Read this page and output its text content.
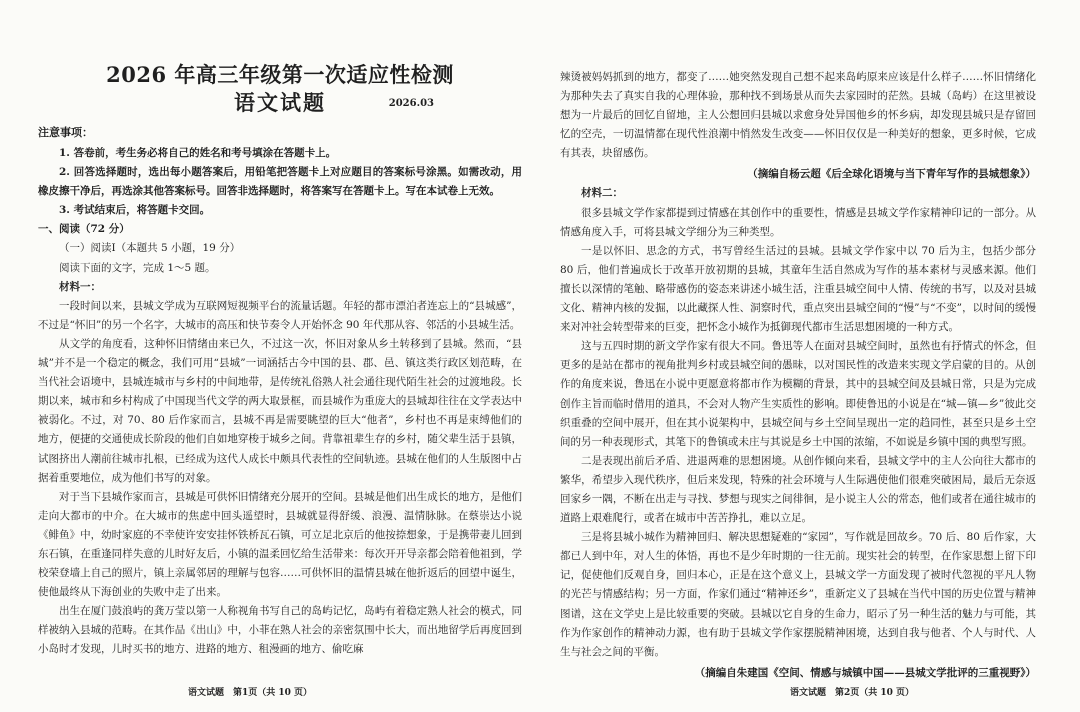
2026 年高三年级第一次适应性检测
语文试题	2026.03
注意事项：

1. 答卷前，考生务必将自己的姓名和考号填涂在答题卡上。

2. 回答选择题时，选出每小题答案后，用铅笔把答题卡上对应题目的答案标号涂黑。如需改动，用橡皮擦干净后，再选涂其他答案标号。回答非选择题时，将答案写在答题卡上。写在本试卷上无效。

3. 考试结束后，将答题卡交回。

一、阅读（72 分）

（一）阅读Ⅰ（本题共 5 小题，19 分）

阅读下面的文字，完成 1～5 题。

材料一：

一段时间以来，县城文学成为互联网短视频平台的流量话题。年轻的都市漂泊者连忘上的“县城感”，不过是“怀旧”的另一个名字，大城市的高压和快节奏令人开始怀念 90 年代那从容、邻活的小县城生活。

从文学的角度看，这种怀旧情绪由来已久，不过这一次，怀旧对象从乡土转移到了县城。然而，“县城”并不是一个稳定的概念，我们可用“县城”一词涵括古今中国的县、郡、邑、镇这类行政区划范畴，在当代社会语境中，县城连城市与乡村的中间地带，是传统礼俗熟人社会通往现代陌生社会的过渡地段。长期以来，城市和乡村构成了中国现当代文学的两大取景框，而县城作为重庞大的县城却往往在文学表达中被弱化。不过，对 70、80 后作家而言，县城不再是需要眺望的巨大“他者”，乡村也不再是束缚他们的地方，便捷的交通使成长阶段的他们自如地穿梭于城乡之间。背靠祖辈生存的乡村，随父辈生活于县镇，试图挤出人潮前往城市扎根，已经成为这代人成长中颇具代表性的空间轨迹。县城在他们的人生版图中占据着重要地位，成为他们书写的对象。

对于当下县城作家而言，县城是可供怀旧情绪充分展开的空间。县城是他们出生成长的地方，是他们走向大都市的中介。在大城市的焦虑中回头遥望时，县城就显得舒缓、浪漫、温情脉脉。在蔡崇达小说《鲱鱼》中，幼时家庭的不幸使许安安挂怀铁桥瓦石镇，可立足北京后的他按捺想象，于是携带妻儿回到东石镇，在重逢同样失意的儿时好友后，小镇的温柔回忆给生活带来：每次开开导亲都会陪着他祖到，学校荣登墙上自己的照片，镇上亲属邻居的理解与包容……可供怀旧的温情县城在他折返后的回望中诞生，使他最终从下海创业的失败中走了出来。

出生在厦门鼓浪屿的龚万莹以第一人称视角书写自己的岛屿记忆，岛屿有着稳定熟人社会的模式，同样被纳入县城的范畴。在其作品《出山》中，小菲在熟人社会的亲密氛围中长大，而出地留学后再度回到小岛时才发现，儿时买书的地方、进路的地方、租漫画的地方、偷吃麻

语文试题　第1页（共 10 页）

辣烫被妈妈抓到的地方，都变了……她突然发现自己想不起来岛屿原来应该是什么样子……怀旧情绪化为那种失去了真实自我的心理体验，那种找不到场景从而失去家园时的茫然。县城（岛屿）在这里被设想为一片最后的回忆自留地，主人公想回归县城以求愈身处异国他乡的怀乡病，却发现县城只是存留回忆的空壳，一切温情都在现代性浪潮中悄然发生改变——怀旧仅仅是一种美好的想象，更多时候，它成有其表，块留感伤。

（摘编自杨云超《后全球化语境与当下青年写作的县城想象》）

材料二：

很多县城文学作家都提到过情感在其创作中的重要性，情感是县城文学作家精神印记的一部分。从情感角度入手，可将县城文学细分为三种类型。

一是以怀旧、思念的方式，书写曾经生活过的县城。县城文学作家中以 70 后为主，包括少部分 80 后，他们普遍成长于改革开放初期的县城，其童年生活自然成为写作的基本素材与灵感来源。他们擅长以深情的笔触、略带感伤的姿态来讲述小城生活，注重县城空间中人情、传统的书写，以及对县城文化、精神内核的发掘，以此藏探人性、洞察时代，重点突出县城空间的“慢”与“不变”，以时间的缓慢来对冲社会转型带来的巨变，把怀念小城作为抵御现代都市生活思想困境的一种方式。

这与五四时期的新文学作家有很大不同。鲁迅等人在面对县城空间时，虽然也有抒情式的怀念，但更多的是站在都市的视角批判乡村或县城空间的愚昧，以对国民性的改造来实现文学启蒙的目的。从创作的角度来说，鲁迅在小说中更愿意将都市作为模糊的背景，其中的县城空间及县城日常，只是为完成创作主旨而临时借用的道具，不会对人物产生实质性的影响。即使鲁迅的小说是在“城—镇—乡”彼此交织重叠的空间中展开，但在其小说架构中，县城空间与乡土空间呈现出一定的趋同性，甚至只是乡土空间的另一种表现形式，其笔下的鲁镇或未庄与其说是乡土中国的浓缩，不如说是乡镇中国的典型写照。

二是表现出前后矛盾、进退两难的思想困境。从创作倾向来看，县城文学中的主人公向往大都市的繁华，希望步入现代秩序，但后来发现，特殊的社会环境与人生际遇使他们很难突破困局，最后无奈返回家乡一隅，不断在出走与寻找、梦想与现实之间徘徊，是小说主人公的常态，他们或者在通往城市的道路上艰难爬行，或者在城市中苦苦挣扎，难以立足。

三是将县城小城作为精神回归、解决思想疑难的“家园”，写作就是回故乡。70 后、80 后作家，大都已人到中年，对人生的体悟，再也不是少年时期的一往无前。现实社会的转型，在作家思想上留下印记，促使他们反观自身，回归本心，正是在这个意义上，县城文学一方面发现了被时代忽视的平凡人物的光芒与情感结构；另一方面，作家们通过“精神还乡”，重新定义了县城在当代中国的历史位置与精神图谱，这在文学史上是比较重要的突破。县城以它自身的生命力，昭示了另一种生活的魅力与可能，其作为作家创作的精神动力源，也有助于县城文学作家摆脱精神困境，达到自我与他者、个人与时代、人生与社会之间的平衡。

（摘编自朱建国《空间、情感与城镇中国——县城文学批评的三重视野》）

语文试题　第2页（共 10 页）
